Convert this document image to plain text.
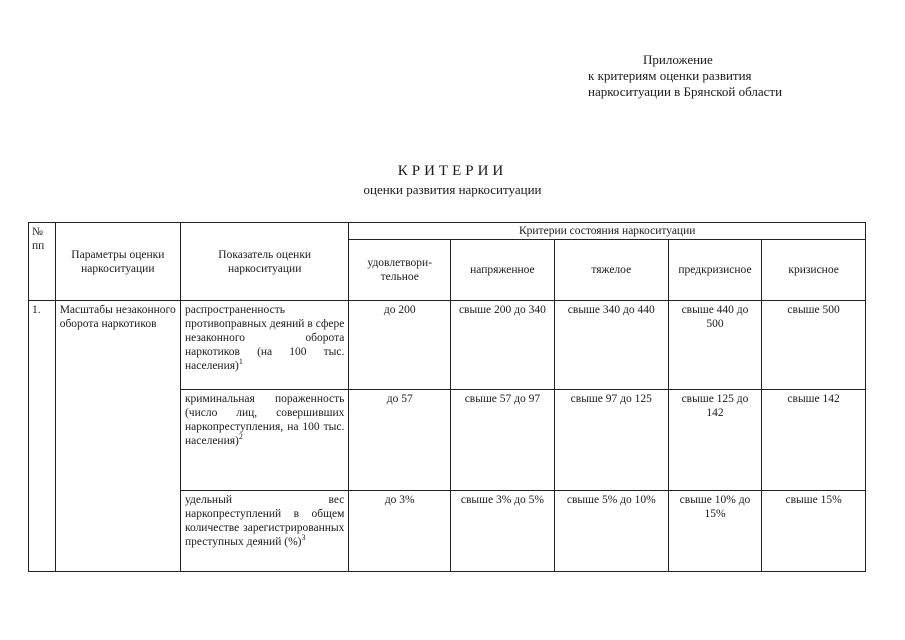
Приложение
к критериям оценки развития
наркоситуации в Брянской области
КРИТЕРИИ
оценки развития наркоситуации
№ пп	Параметры оценки наркоситуации	Показатель оценки наркоситуации	Критерии состояния наркоситуации				
			удовлетвори-тельное	напряженное	тяжелое	предкризисное	кризисное
1.	Масштабы незаконного оборота наркотиков	распространенность противоправных деяний в сфере незаконного оборота наркотиков (на 100 тыс. населения)$^1$	до 200	свыше 200 до 340	свыше 340 до 440	свыше 440 до 500	свыше 500
		криминальная пораженность (число лиц, совершивших наркопреступления, на 100 тыс. населения)$^2$	до 57	свыше 57 до 97	свыше 97 до 125	свыше 125 до 142	свыше 142
		удельный вес наркопреступлений в общем количестве зарегистрированных преступных деяний (%)$^3$	до 3%	свыше 3% до 5%	свыше 5% до 10%	свыше 10% до 15%	свыше 15%
